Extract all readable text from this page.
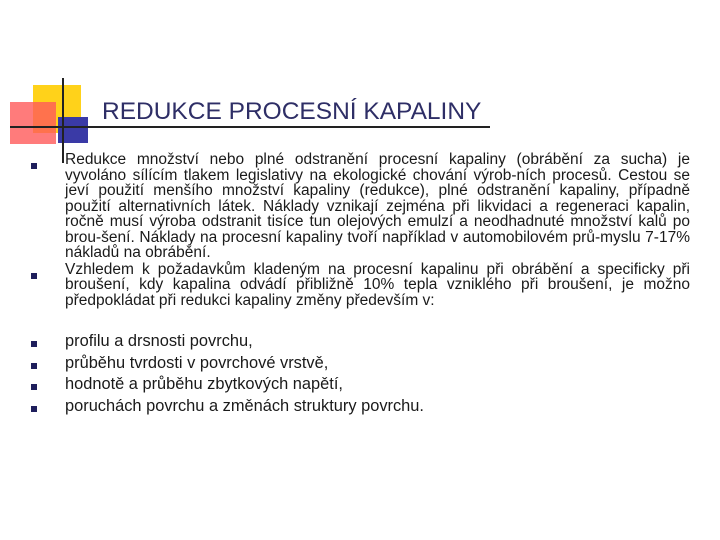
REDUKCE PROCESNÍ KAPALINY
Redukce množství nebo plné odstranění procesní kapaliny (obrábění za sucha) je vyvoláno sílícím tlakem legislativy na ekologické chování výrob-ních procesů. Cestou se jeví použití menšího množství kapaliny (redukce), plné odstranění kapaliny, případně použití alternativních látek. Náklady vznikají zejména při likvidaci a regeneraci kapalin, ročně musí výroba odstranit tisíce tun olejových emulzí a neodhadnuté množství kalů po brou-šení. Náklady na procesní kapaliny tvoří například v automobilovém prů-myslu 7-17% nákladů na obrábění.
Vzhledem k požadavkům kladeným na procesní kapalinu při obrábění a specificky při broušení, kdy kapalina odvádí přibližně 10% tepla vzniklého při broušení, je možno předpokládat při redukci kapaliny změny především v:
profilu a drsnosti povrchu,
průběhu tvrdosti v povrchové vrstvě,
hodnotě a průběhu zbytkových napětí,
poruchách povrchu a změnách struktury povrchu.
